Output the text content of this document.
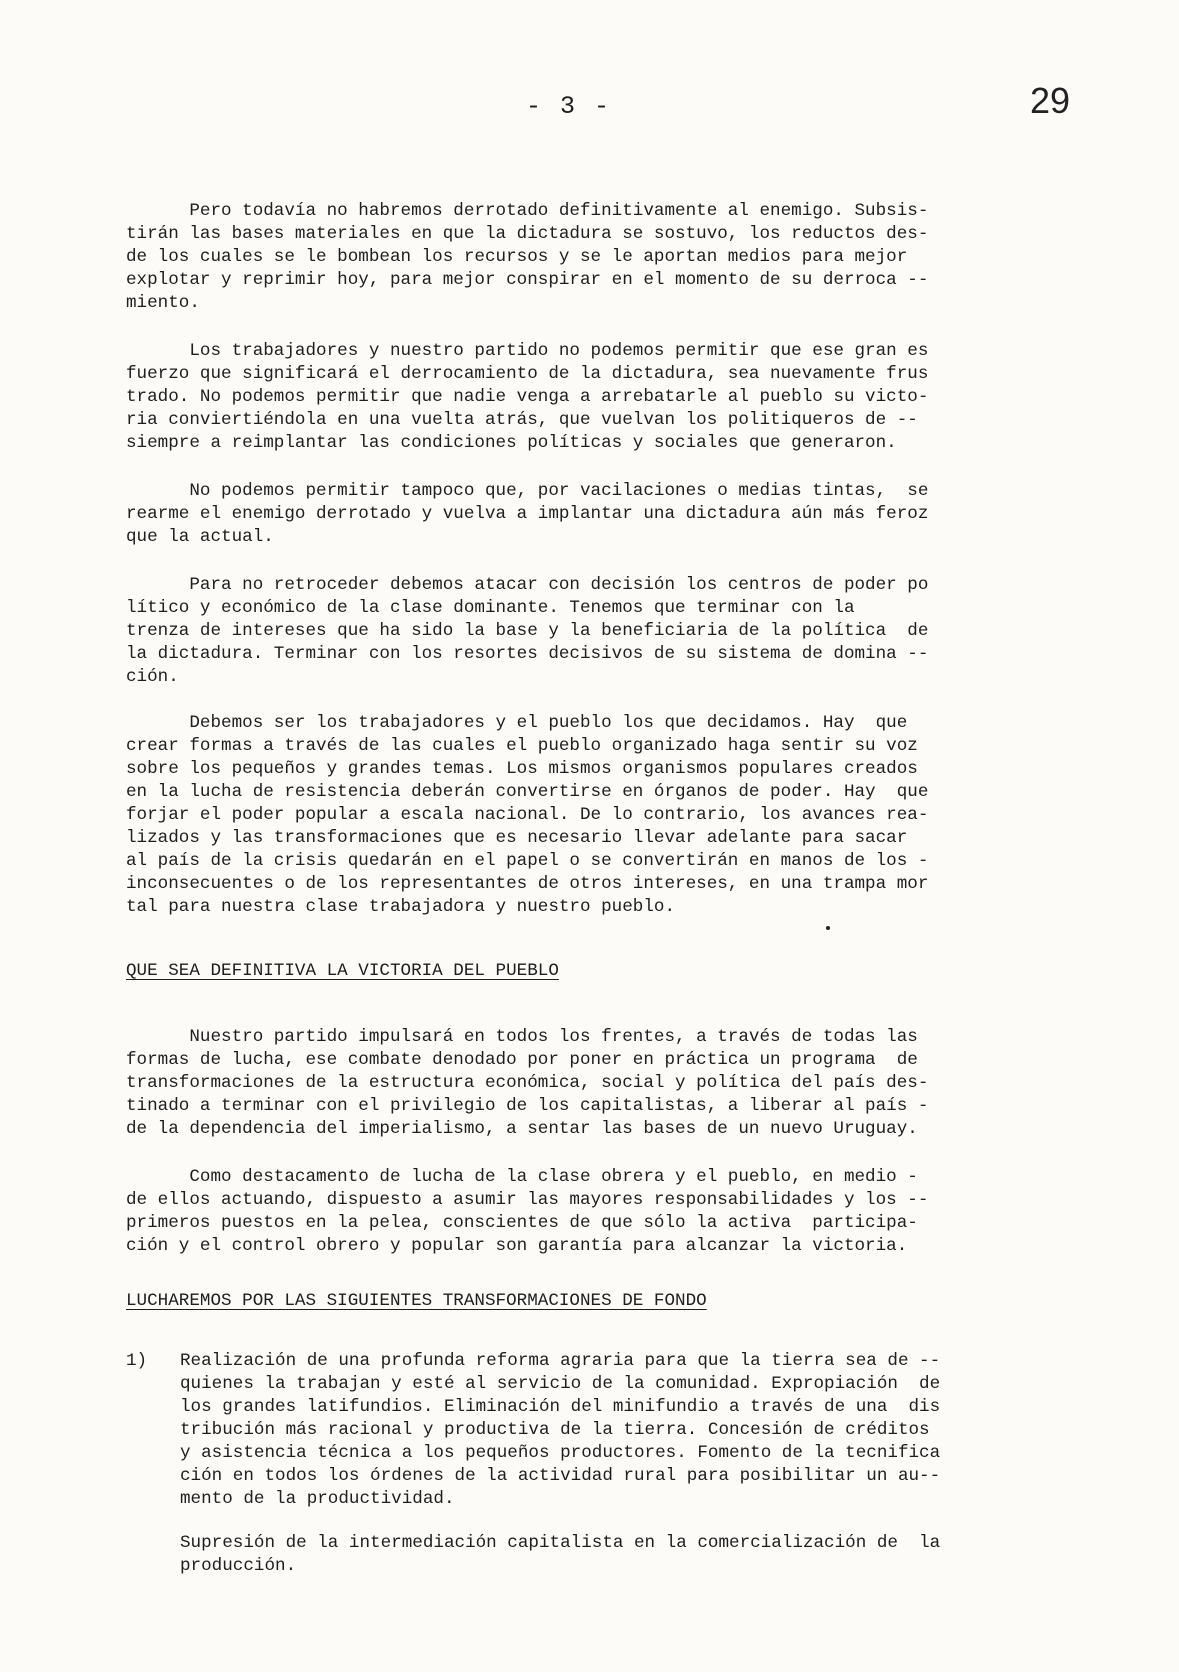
- 3 -	29

Pero todavía no habremos derrotado definitivamente al enemigo. Subsis-
tirán las bases materiales en que la dictadura se sostuvo, los reductos des-
de los cuales se le bombean los recursos y se le aportan medios para mejor
explotar y reprimir hoy, para mejor conspirar en el momento de su derroca --
miento.

Los trabajadores y nuestro partido no podemos permitir que ese gran es
fuerzo que significará el derrocamiento de la dictadura, sea nuevamente frus
trado. No podemos permitir que nadie venga a arrebatarle al pueblo su victo-
ria conviertiéndola en una vuelta atrás, que vuelvan los politiqueros de --
siempre a reimplantar las condiciones políticas y sociales que generaron.

No podemos permitir tampoco que, por vacilaciones o medias tintas,  se
rearme el enemigo derrotado y vuelva a implantar una dictadura aún más feroz
que la actual.

Para no retroceder debemos atacar con decisión los centros de poder po
lítico y económico de la clase dominante. Tenemos que terminar con la
trenza de intereses que ha sido la base y la beneficiaria de la política  de
la dictadura. Terminar con los resortes decisivos de su sistema de domina --
ción.

Debemos ser los trabajadores y el pueblo los que decidamos. Hay  que
crear formas a través de las cuales el pueblo organizado haga sentir su voz
sobre los pequeños y grandes temas. Los mismos organismos populares creados
en la lucha de resistencia deberán convertirse en órganos de poder. Hay  que
forjar el poder popular a escala nacional. De lo contrario, los avances rea-
lizados y las transformaciones que es necesario llevar adelante para sacar
al país de la crisis quedarán en el papel o se convertirán en manos de los -
inconsecuentes o de los representantes de otros intereses, en una trampa mor
tal para nuestra clase trabajadora y nuestro pueblo.

QUE SEA DEFINITIVA LA VICTORIA DEL PUEBLO

Nuestro partido impulsará en todos los frentes, a través de todas las
formas de lucha, ese combate denodado por poner en práctica un programa  de
transformaciones de la estructura económica, social y política del país des-
tinado a terminar con el privilegio de los capitalistas, a liberar al país -
de la dependencia del imperialismo, a sentar las bases de un nuevo Uruguay.

Como destacamento de lucha de la clase obrera y el pueblo, en medio -
de ellos actuando, dispuesto a asumir las mayores responsabilidades y los --
primeros puestos en la pelea, conscientes de que sólo la activa  participa-
ción y el control obrero y popular son garantía para alcanzar la victoria.

LUCHAREMOS POR LAS SIGUIENTES TRANSFORMACIONES DE FONDO
1) Realización de una profunda reforma agraria para que la tierra sea de --
quienes la trabajan y esté al servicio de la comunidad. Expropiación  de
los grandes latifundios. Eliminación del minifundio a través de una  dis
tribución más racional y productiva de la tierra. Concesión de créditos
y asistencia técnica a los pequeños productores. Fomento de la tecnifica
ción en todos los órdenes de la actividad rural para posibilitar un au--
mento de la productividad.

Supresión de la intermediación capitalista en la comercialización de  la
producción.
